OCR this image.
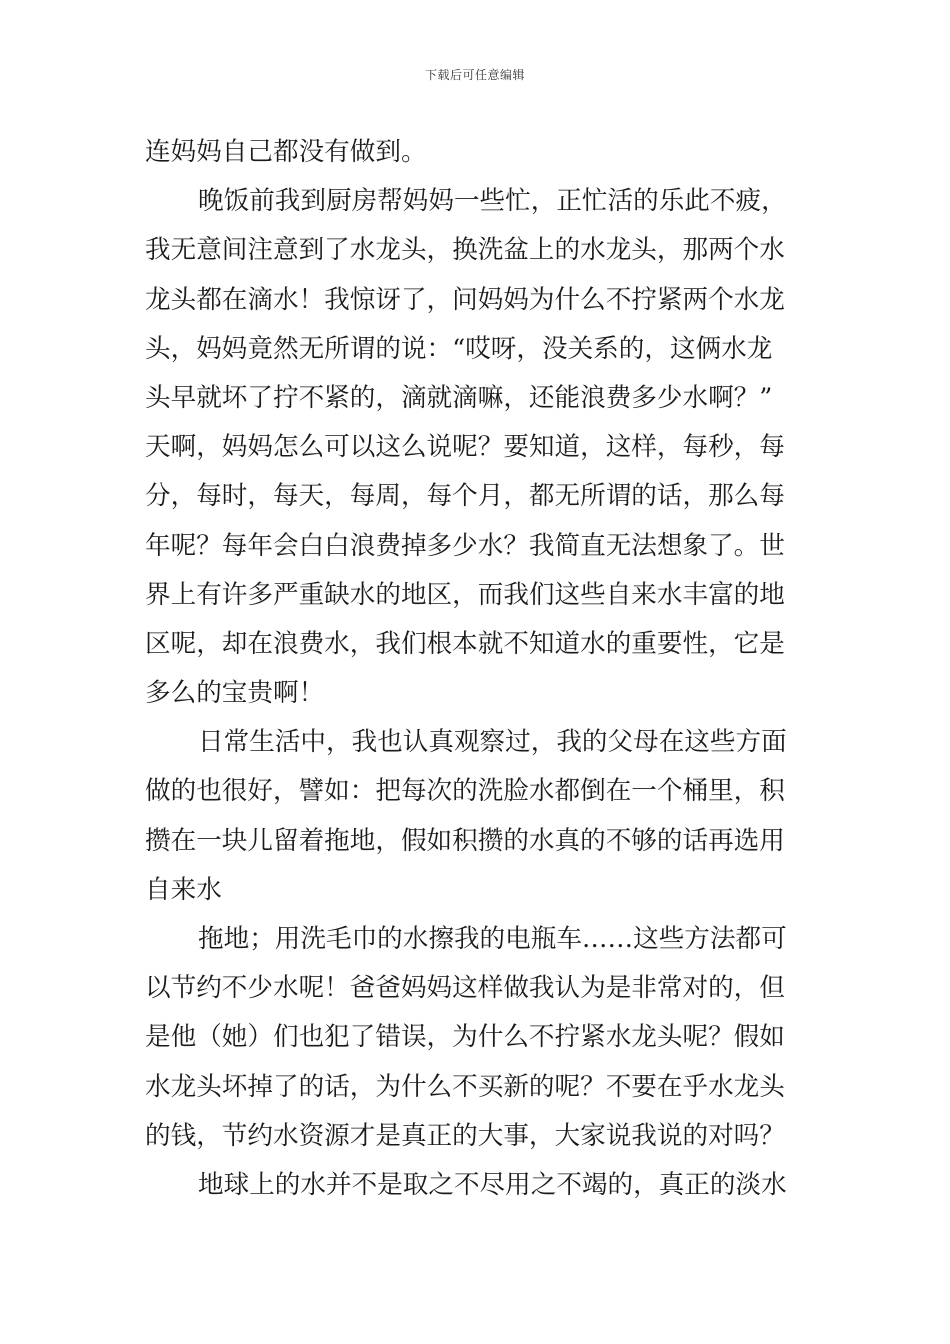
下载后可任意编辑
连妈妈自己都没有做到。
晚饭前我到厨房帮妈妈一些忙，正忙活的乐此不疲，
我无意间注意到了水龙头，换洗盆上的水龙头，那两个水
龙头都在滴水！我惊讶了，问妈妈为什么不拧紧两个水龙
头，妈妈竟然无所谓的说：“哎呀，没关系的，这俩水龙
头早就坏了拧不紧的，滴就滴嘛，还能浪费多少水啊？”
天啊，妈妈怎么可以这么说呢？要知道，这样，每秒，每
分，每时，每天，每周，每个月，都无所谓的话，那么每
年呢？每年会白白浪费掉多少水？我简直无法想象了。世
界上有许多严重缺水的地区，而我们这些自来水丰富的地
区呢，却在浪费水，我们根本就不知道水的重要性，它是
多么的宝贵啊！
日常生活中，我也认真观察过，我的父母在这些方面
做的也很好，譬如：把每次的洗脸水都倒在一个桶里，积
攒在一块儿留着拖地，假如积攒的水真的不够的话再选用
自来水
拖地；用洗毛巾的水擦我的电瓶车……这些方法都可
以节约不少水呢！爸爸妈妈这样做我认为是非常对的，但
是他（她）们也犯了错误，为什么不拧紧水龙头呢？假如
水龙头坏掉了的话，为什么不买新的呢？不要在乎水龙头
的钱，节约水资源才是真正的大事，大家说我说的对吗？
地球上的水并不是取之不尽用之不竭的，真正的淡水
